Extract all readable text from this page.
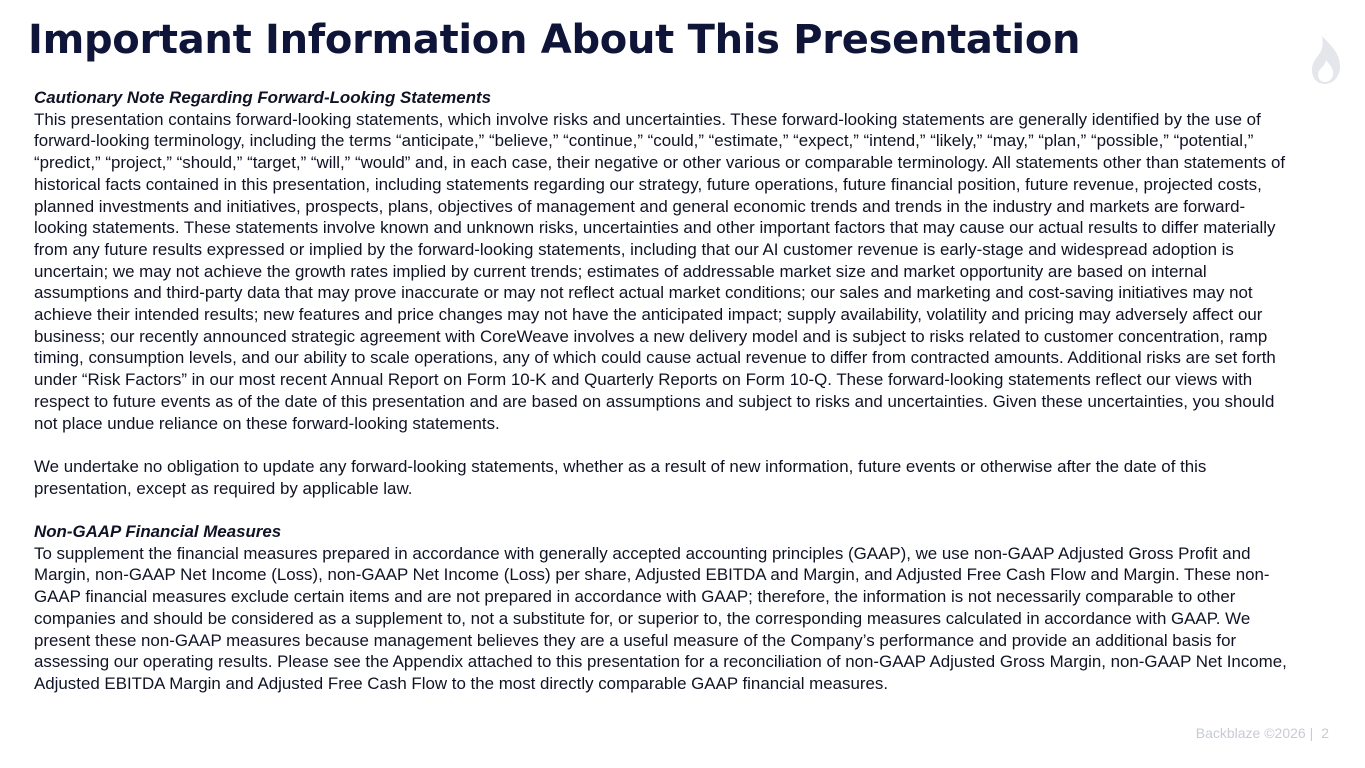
Important Information About This Presentation
Cautionary Note Regarding Forward-Looking Statements

This presentation contains forward-looking statements, which involve risks and uncertainties. These forward-looking statements are generally identified by the use of forward-looking terminology, including the terms “anticipate,” “believe,” “continue,” “could,” “estimate,” “expect,” “intend,” “likely,” “may,” “plan,” “possible,” “potential,” “predict,” “project,” “should,” “target,” “will,” “would” and, in each case, their negative or other various or comparable terminology. All statements other than statements of historical facts contained in this presentation, including statements regarding our strategy, future operations, future financial position, future revenue, projected costs, planned investments and initiatives, prospects, plans, objectives of management and general economic trends and trends in the industry and markets are forward-looking statements. These statements involve known and unknown risks, uncertainties and other important factors that may cause our actual results to differ materially from any future results expressed or implied by the forward-looking statements, including that our AI customer revenue is early-stage and widespread adoption is uncertain; we may not achieve the growth rates implied by current trends; estimates of addressable market size and market opportunity are based on internal assumptions and third-party data that may prove inaccurate or may not reflect actual market conditions; our sales and marketing and cost-saving initiatives may not achieve their intended results; new features and price changes may not have the anticipated impact; supply availability, volatility and pricing may adversely affect our business; our recently announced strategic agreement with CoreWeave involves a new delivery model and is subject to risks related to customer concentration, ramp timing, consumption levels, and our ability to scale operations, any of which could cause actual revenue to differ from contracted amounts. Additional risks are set forth under “Risk Factors” in our most recent Annual Report on Form 10-K and Quarterly Reports on Form 10-Q. These forward-looking statements reflect our views with respect to future events as of the date of this presentation and are based on assumptions and subject to risks and uncertainties. Given these uncertainties, you should not place undue reliance on these forward-looking statements.

We undertake no obligation to update any forward-looking statements, whether as a result of new information, future events or otherwise after the date of this presentation, except as required by applicable law.

Non-GAAP Financial Measures

To supplement the financial measures prepared in accordance with generally accepted accounting principles (GAAP), we use non-GAAP Adjusted Gross Profit and Margin, non-GAAP Net Income (Loss), non-GAAP Net Income (Loss) per share, Adjusted EBITDA and Margin, and Adjusted Free Cash Flow and Margin. These non-GAAP financial measures exclude certain items and are not prepared in accordance with GAAP; therefore, the information is not necessarily comparable to other companies and should be considered as a supplement to, not a substitute for, or superior to, the corresponding measures calculated in accordance with GAAP. We present these non-GAAP measures because management believes they are a useful measure of the Company’s performance and provide an additional basis for assessing our operating results. Please see the Appendix attached to this presentation for a reconciliation of non-GAAP Adjusted Gross Margin, non-GAAP Net Income, Adjusted EBITDA Margin and Adjusted Free Cash Flow to the most directly comparable GAAP financial measures.

Backblaze ©2026 | 2
